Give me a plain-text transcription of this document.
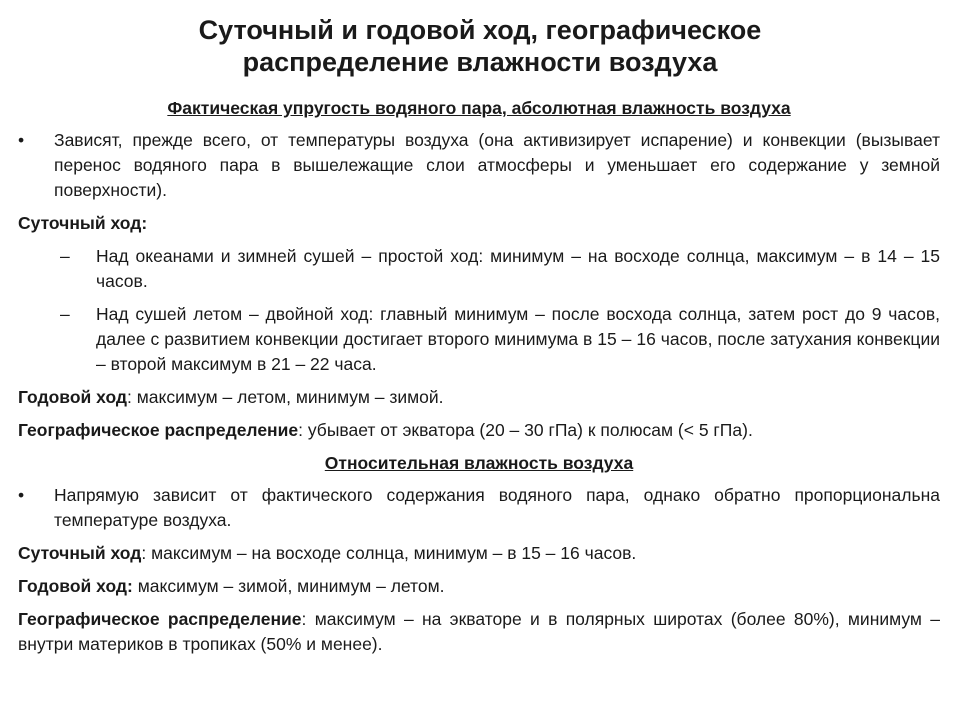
Суточный и годовой ход, географическое
распределение влажности воздуха
Фактическая упругость водяного пара, абсолютная влажность воздуха
• Зависят, прежде всего, от температуры воздуха (она активизирует испарение) и конвекции (вызывает перенос водяного пара в вышележащие слои атмосферы и уменьшает его содержание у земной поверхности).
Суточный ход:
– Над океанами и зимней сушей – простой ход: минимум – на восходе солнца, максимум – в 14 – 15 часов.
– Над сушей летом – двойной ход: главный минимум – после восхода солнца, затем рост до 9 часов, далее с развитием конвекции достигает второго минимума в 15 – 16 часов, после затухания конвекции – второй максимум в 21 – 22 часа.
Годовой ход: максимум – летом, минимум – зимой.
Географическое распределение: убывает от экватора (20 – 30 гПа) к полюсам (< 5 гПа).
Относительная влажность воздуха
• Напрямую зависит от фактического содержания водяного пара, однако обратно пропорциональна температуре воздуха.
Суточный ход: максимум – на восходе солнца, минимум – в 15 – 16 часов.
Годовой ход: максимум – зимой, минимум – летом.
Географическое распределение: максимум – на экваторе и в полярных широтах (более 80%), минимум – внутри материков в тропиках (50% и менее).
